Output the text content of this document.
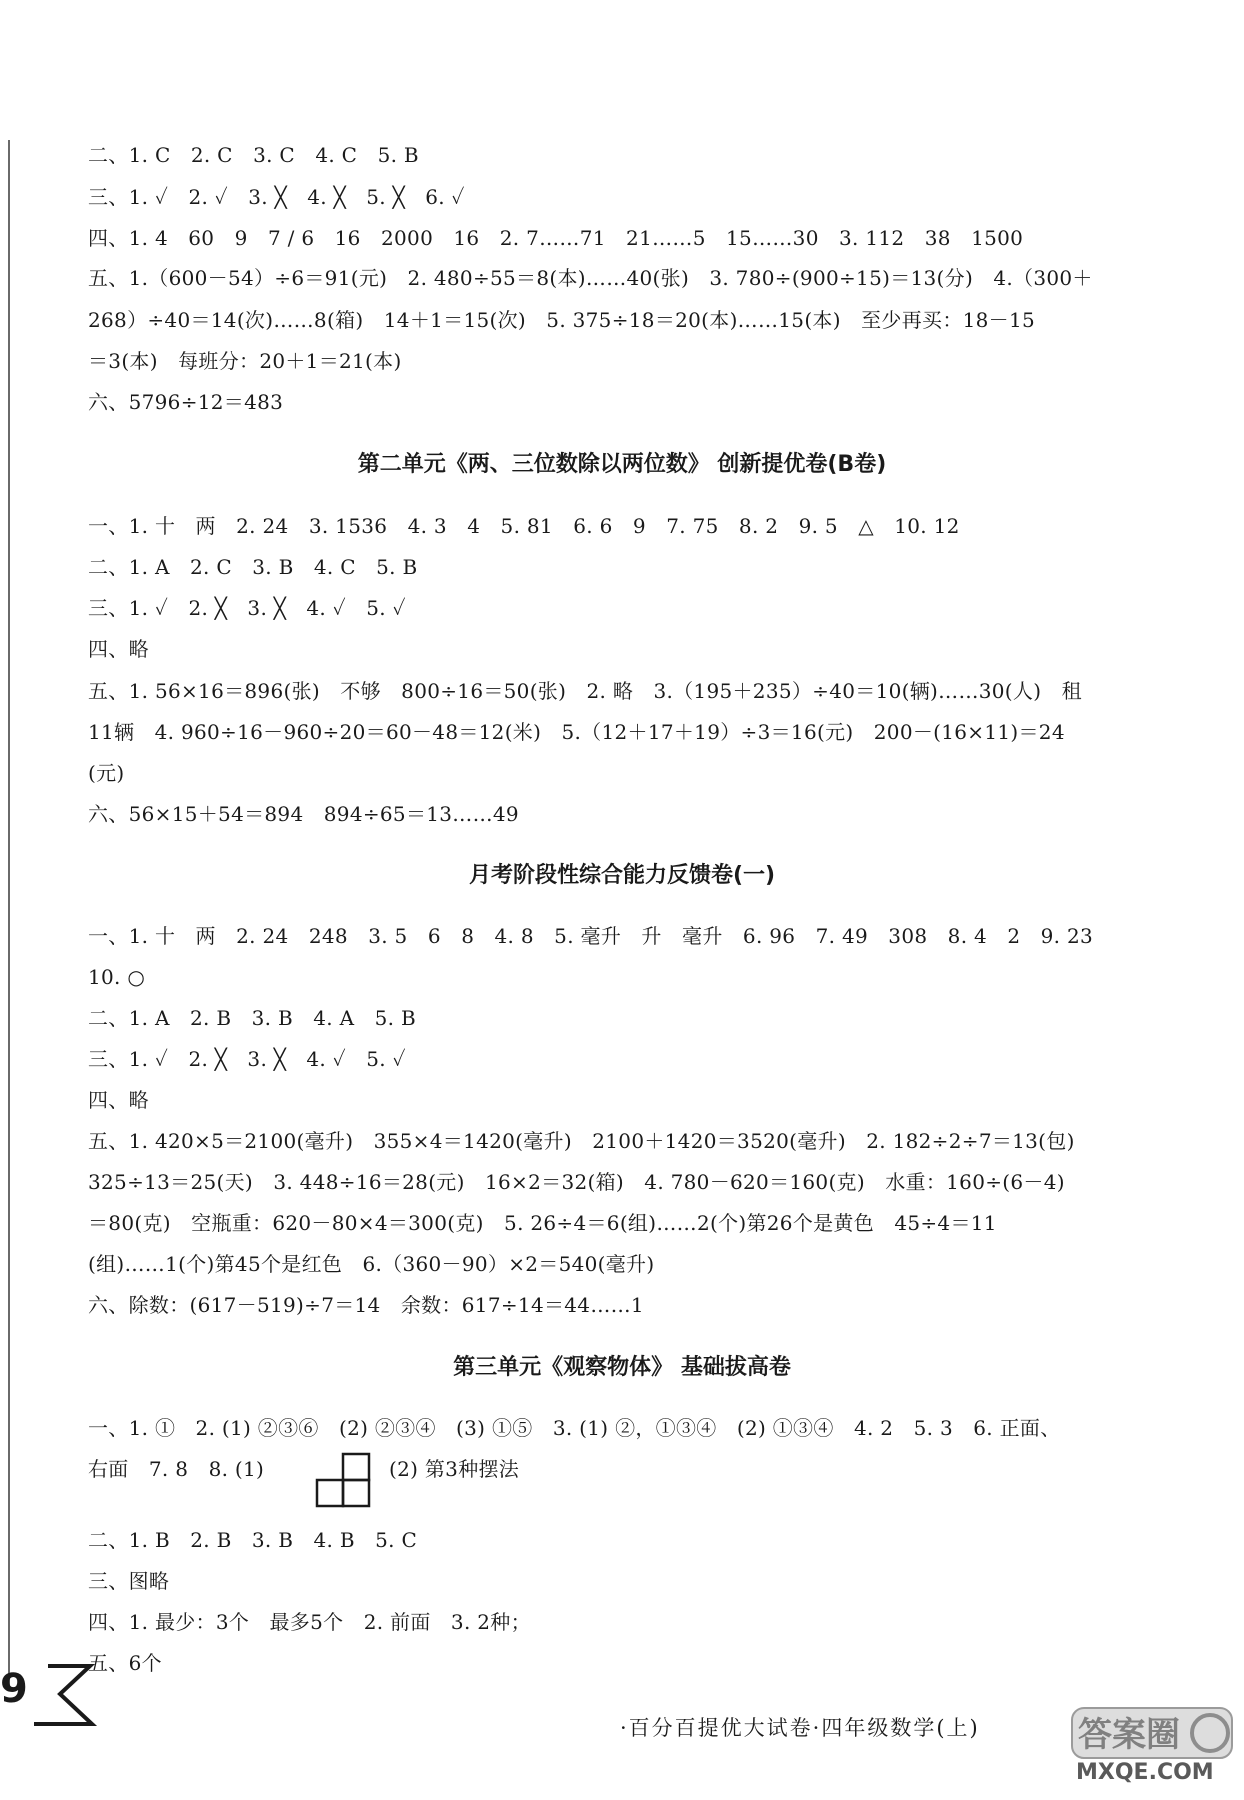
二、1. C　2. C　3. C　4. C　5. B
三、1. ✓　2. ✓　3. ╳　4. ╳　5. ╳　6. ✓
四、1. 4　60　9　7 / 6　16　2000　16　2. 7……71　21……5　15……30　3. 112　38　1500
五、1.（600－54）÷6＝91(元)　2. 480÷55＝8(本)……40(张)　3. 780÷(900÷15)＝13(分)　4.（300＋
268）÷40＝14(次)……8(箱)　14＋1＝15(次)　5. 375÷18＝20(本)……15(本)　至少再买：18－15
＝3(本)　每班分：20＋1＝21(本)
六、5796÷12＝483
第二单元《两、三位数除以两位数》 创新提优卷(B卷)
一、1. 十　两　2. 24　3. 1536　4. 3　4　5. 81　6. 6　9　7. 75　8. 2　9. 5　△　10. 12
二、1. A　2. C　3. B　4. C　5. B
三、1. ✓　2. ╳　3. ╳　4. ✓　5. ✓
四、略
五、1. 56×16＝896(张)　不够　800÷16＝50(张)　2. 略　3.（195＋235）÷40＝10(辆)……30(人)　租
11辆　4. 960÷16－960÷20＝60－48＝12(米)　5.（12＋17＋19）÷3＝16(元)　200－(16×11)＝24
(元)
六、56×15＋54＝894　894÷65＝13……49
月考阶段性综合能力反馈卷(一)
一、1. 十　两　2. 24　248　3. 5　6　8　4. 8　5. 毫升　升　毫升　6. 96　7. 49　308　8. 4　2　9. 23
10. ○
二、1. A　2. B　3. B　4. A　5. B
三、1. ✓　2. ╳　3. ╳　4. ✓　5. ✓
四、略
五、1. 420×5＝2100(毫升)　355×4＝1420(毫升)　2100＋1420＝3520(毫升)　2. 182÷2÷7＝13(包)
325÷13＝25(天)　3. 448÷16＝28(元)　16×2＝32(箱)　4. 780－620＝160(克)　水重：160÷(6－4)
＝80(克)　空瓶重：620－80×4＝300(克)　5. 26÷4＝6(组)……2(个)第26个是黄色　45÷4＝11
(组)……1(个)第45个是红色　6.（360－90）×2＝540(毫升)
六、除数：(617－519)÷7＝14　余数：617÷14＝44……1
第三单元《观察物体》 基础拔高卷
一、1. ①　2. (1) ②③⑥　(2) ②③④　(3) ①⑤　3. (1) ②，①③④　(2) ①③④　4. 2　5. 3　6. 正面、
右面　7. 8　8. (1)	(2) 第3种摆法
二、1. B　2. B　3. B　4. B　5. C
三、图略
四、1. 最少：3个　最多5个　2. 前面　3. 2种；
五、6个
9
·百分百提优大试卷·四年级数学(上)	答案圈
MXQE.COM
